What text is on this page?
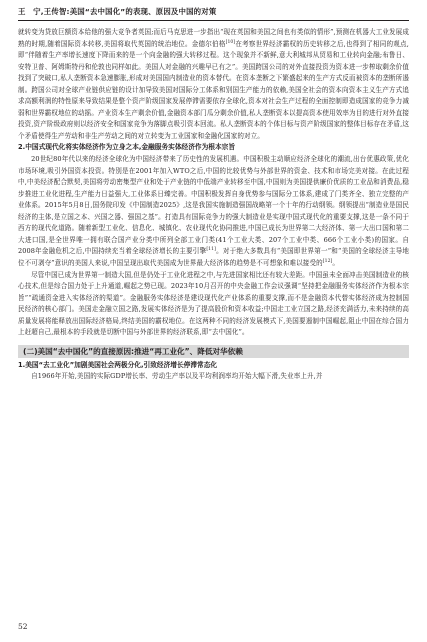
王　宁,王传智:美国“去中国化”的表现、原因及中国的对策

就转变为贷放巨额资本给他的强大竞争者英国;而后马克思进一步指出“现在英国和美国之间也有类似的情形”,预测在机器大工业发展成熟的时期,随着国际资本转移,美国将取代英国的统治地位。金德尔伯格[10]在考察世界经济霸权的历史转移之后,也得到了相同的观点,即“伴随着生产率增长速度下降而来的是一个向金融的强大转移过程。这个现象并不新鲜,意大利城邦从贸易和工业转向金融;布鲁日、安特卫普、阿姆斯特丹和伦敦也同样如此。美国人对金融的兴趣早已有之”。美国跨国公司的对外直接投资为资本进一步榨取剩余价值找到了突破口,私人垄断资本急速膨胀,形成对美国国内制造业的资本替代。在资本垄断之下繁盛起来的生产方式反而被资本的垄断所遏制。跨国公司对全球产业链供应链的设计加导致美国对国际分工体系和别国生产能力的依赖,美国全社会的资本向资本主义生产方式追求高额利润的特性原来导致结果是整个资产阶级国家发展停滞需要依存全球化,资本对社会生产过程的全面控制即造成国家的竞争力减弱和世界霸权地位的动摇。产业资本生产剩余价值,金融资本部门瓜分剩余价值,私人垄断资本以提高资本使用效率为目的进行对外直接投资,资产阶级政府则以经济安全和国家竞争为落脚点吸引资本回流。私人垄断资本的个体目标与资产阶级国家的整体目标存在矛盾,这个矛盾使得生产劳动和非生产劳动之间的对立转变为工业国家和金融化国家的对立。

2.中国式现代化将实体经济作为立身之本,金融服务实体经济作为根本宗旨

20世纪80年代以来的经济全球化为中国经济带来了历史性的发展机遇。中国积极主动顺应经济全球化的潮流,出台优惠政策,优化市场环境,吸引外国资本投资。特别是在2001年加入WTO之后,中国的比较优势与外部世界的资金、技术和市场完美对接。在此过程中,中美经济配合默契,美国将劳动密集型产业和处于产业链的中低端产业转移至中国,中国则为美国提供廉价优质的工业品和消费品,稳步推进工业化进程,生产能力日益强大,工业体系日臻完善。中国积极发挥自身优势参与国际分工体系,建成了门类齐全、独立完整的产业体系。2015年5月8日,国务院印发《中国制造2025》,这是我国实施制造强国战略第一个十年的行动纲领。纲领提出“制造业是国民经济的主体,是立国之本、兴国之器、强国之基”。打造具有国际竞争力的强大制造业是实现中国式现代化的重要支撑,这是一条不同于西方的现代化道路。随着新型工业化、信息化、城镇化、农业现代化协同推进,中国已成长为世界第二大经济体、第一大出口国和第二大进口国,是全世界唯一拥有联合国产业分类中所列全部工业门类(41个工业大类、207个工业中类、666个工业小类)的国家。自2008年金融危机之后,中国持续充当着全球经济增长的主要引擎[11]。对于绝大多数具有“美国即世界第一”和“美国的全球经济主导地位不可剥夺”意识的美国人来说,中国呈现出取代美国成为世界最大经济体的趋势是不可想象和难以接受的[12]。

尽管中国已成为世界第一制造大国,但是仍处于工业化进程之中,与先进国家相比还有较大差距。中国虽未全面冲击美国制造业的核心技术,但是综合国力处于上升通道,崛起之势已现。2023年10月召开的中央金融工作会议强调“坚持把金融服务实体经济作为根本宗旨”“疏通资金进入实体经济的渠道”。金融服务实体经济是建设现代化产业体系的重要支撑,而不是金融资本代替实体经济成为控制国民经济的核心部门。美国走金融立国之路,发展实体经济是为了提高股价和资本收益;中国走工业立国之路,经济充满活力,未来持续的高质量发展将能释放出国际经济格局,终结美国的霸权地位。在这两种不同的经济发展模式下,美国要遏制中国崛起,阻止中国在综合国力上赶超自己,最根本的手段就是切断中国与外部世界的经济联系,即“去中国化”。

(二)美国“去中国化”的直接原因:推进“再工业化”、降低对华依赖
1.美国“去工业化”加剧美国社会两极分化,引致经济增长停滞常态化

自1966年开始,美国的实际GDP增长率、劳动生产率以及平均利润率均开始大幅下滑,失业率上升,并

52
